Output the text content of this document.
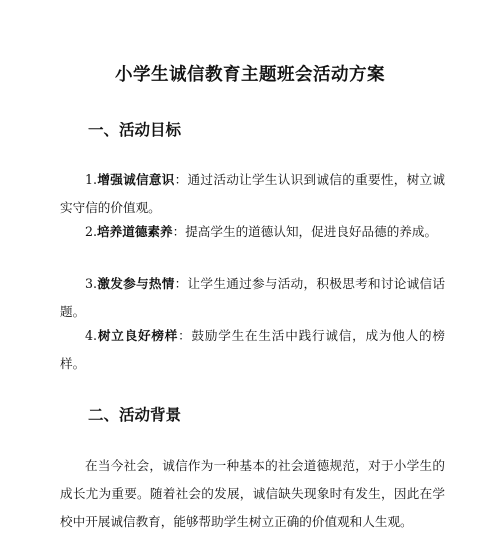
小学生诚信教育主题班会活动方案
一、活动目标

1.增强诚信意识：通过活动让学生认识到诚信的重要性，树立诚实守信的价值观。

2.培养道德素养：提高学生的道德认知，促进良好品德的养成。

3.激发参与热情：让学生通过参与活动，积极思考和讨论诚信话题。

4.树立良好榜样：鼓励学生在生活中践行诚信，成为他人的榜样。

二、活动背景

在当今社会，诚信作为一种基本的社会道德规范，对于小学生的成长尤为重要。随着社会的发展，诚信缺失现象时有发生，因此在学校中开展诚信教育，能够帮助学生树立正确的价值观和人生观。
